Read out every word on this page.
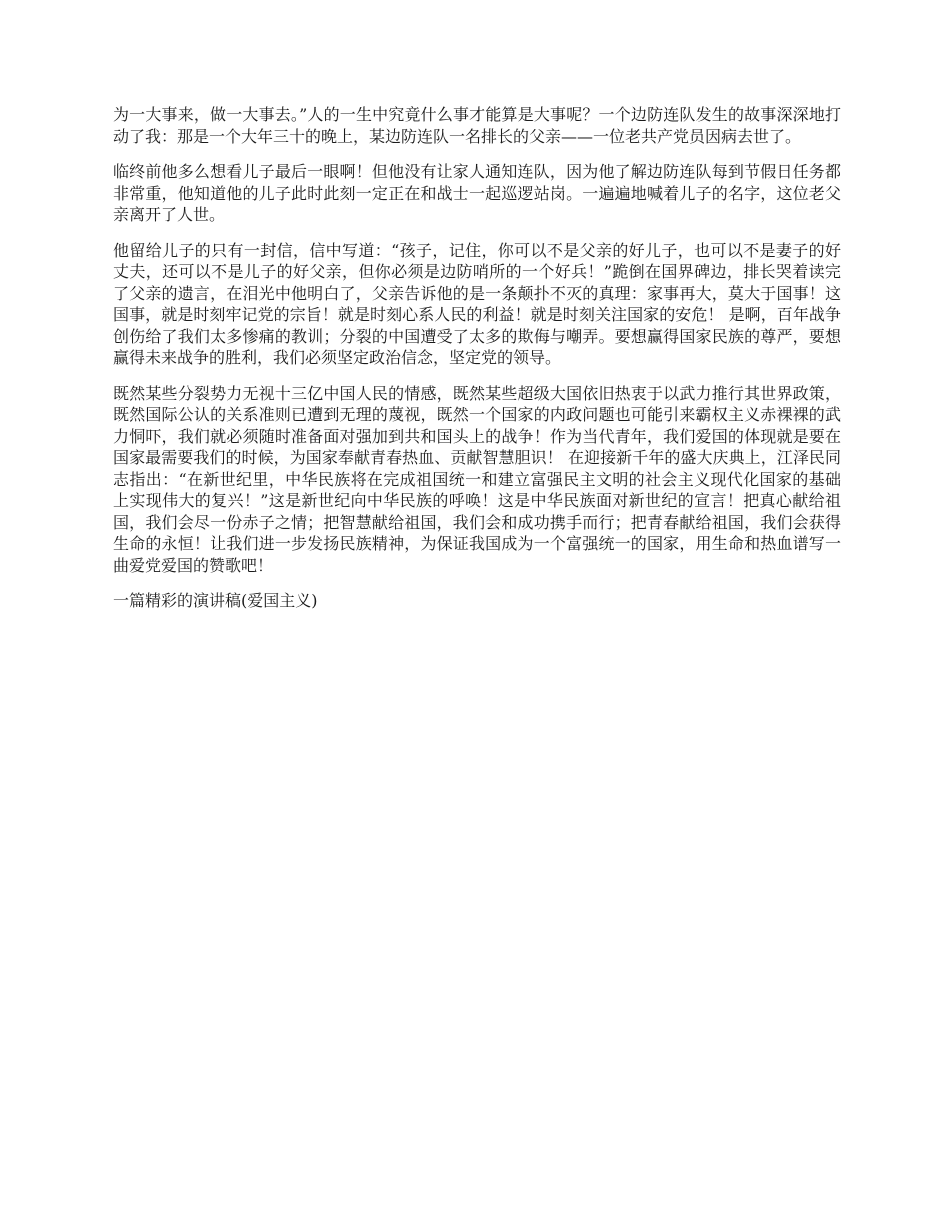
为一大事来，做一大事去。”人的一生中究竟什么事才能算是大事呢？一个边防连队发生的故事深深地打动了我：那是一个大年三十的晚上，某边防连队一名排长的父亲——一位老共产党员因病去世了。

临终前他多么想看儿子最后一眼啊！但他没有让家人通知连队，因为他了解边防连队每到节假日任务都非常重，他知道他的儿子此时此刻一定正在和战士一起巡逻站岗。一遍遍地喊着儿子的名字，这位老父亲离开了人世。

他留给儿子的只有一封信，信中写道：“孩子，记住，你可以不是父亲的好儿子，也可以不是妻子的好丈夫，还可以不是儿子的好父亲，但你必须是边防哨所的一个好兵！”跪倒在国界碑边，排长哭着读完了父亲的遗言，在泪光中他明白了，父亲告诉他的是一条颠扑不灭的真理：家事再大，莫大于国事！这国事，就是时刻牢记党的宗旨！就是时刻心系人民的利益！就是时刻关注国家的安危！ 是啊，百年战争创伤给了我们太多惨痛的教训；分裂的中国遭受了太多的欺侮与嘲弄。要想赢得国家民族的尊严，要想赢得未来战争的胜利，我们必须坚定政治信念，坚定党的领导。

既然某些分裂势力无视十三亿中国人民的情感，既然某些超级大国依旧热衷于以武力推行其世界政策，既然国际公认的关系准则已遭到无理的蔑视，既然一个国家的内政问题也可能引来霸权主义赤裸裸的武力恫吓，我们就必须随时准备面对强加到共和国头上的战争！作为当代青年，我们爱国的体现就是要在国家最需要我们的时候，为国家奉献青春热血、贡献智慧胆识！ 在迎接新千年的盛大庆典上，江泽民同志指出：“在新世纪里，中华民族将在完成祖国统一和建立富强民主文明的社会主义现代化国家的基础上实现伟大的复兴！”这是新世纪向中华民族的呼唤！这是中华民族面对新世纪的宣言！把真心献给祖国，我们会尽一份赤子之情；把智慧献给祖国，我们会和成功携手而行；把青春献给祖国，我们会获得生命的永恒！让我们进一步发扬民族精神，为保证我国成为一个富强统一的国家，用生命和热血谱写一曲爱党爱国的赞歌吧！

一篇精彩的演讲稿(爱国主义)
